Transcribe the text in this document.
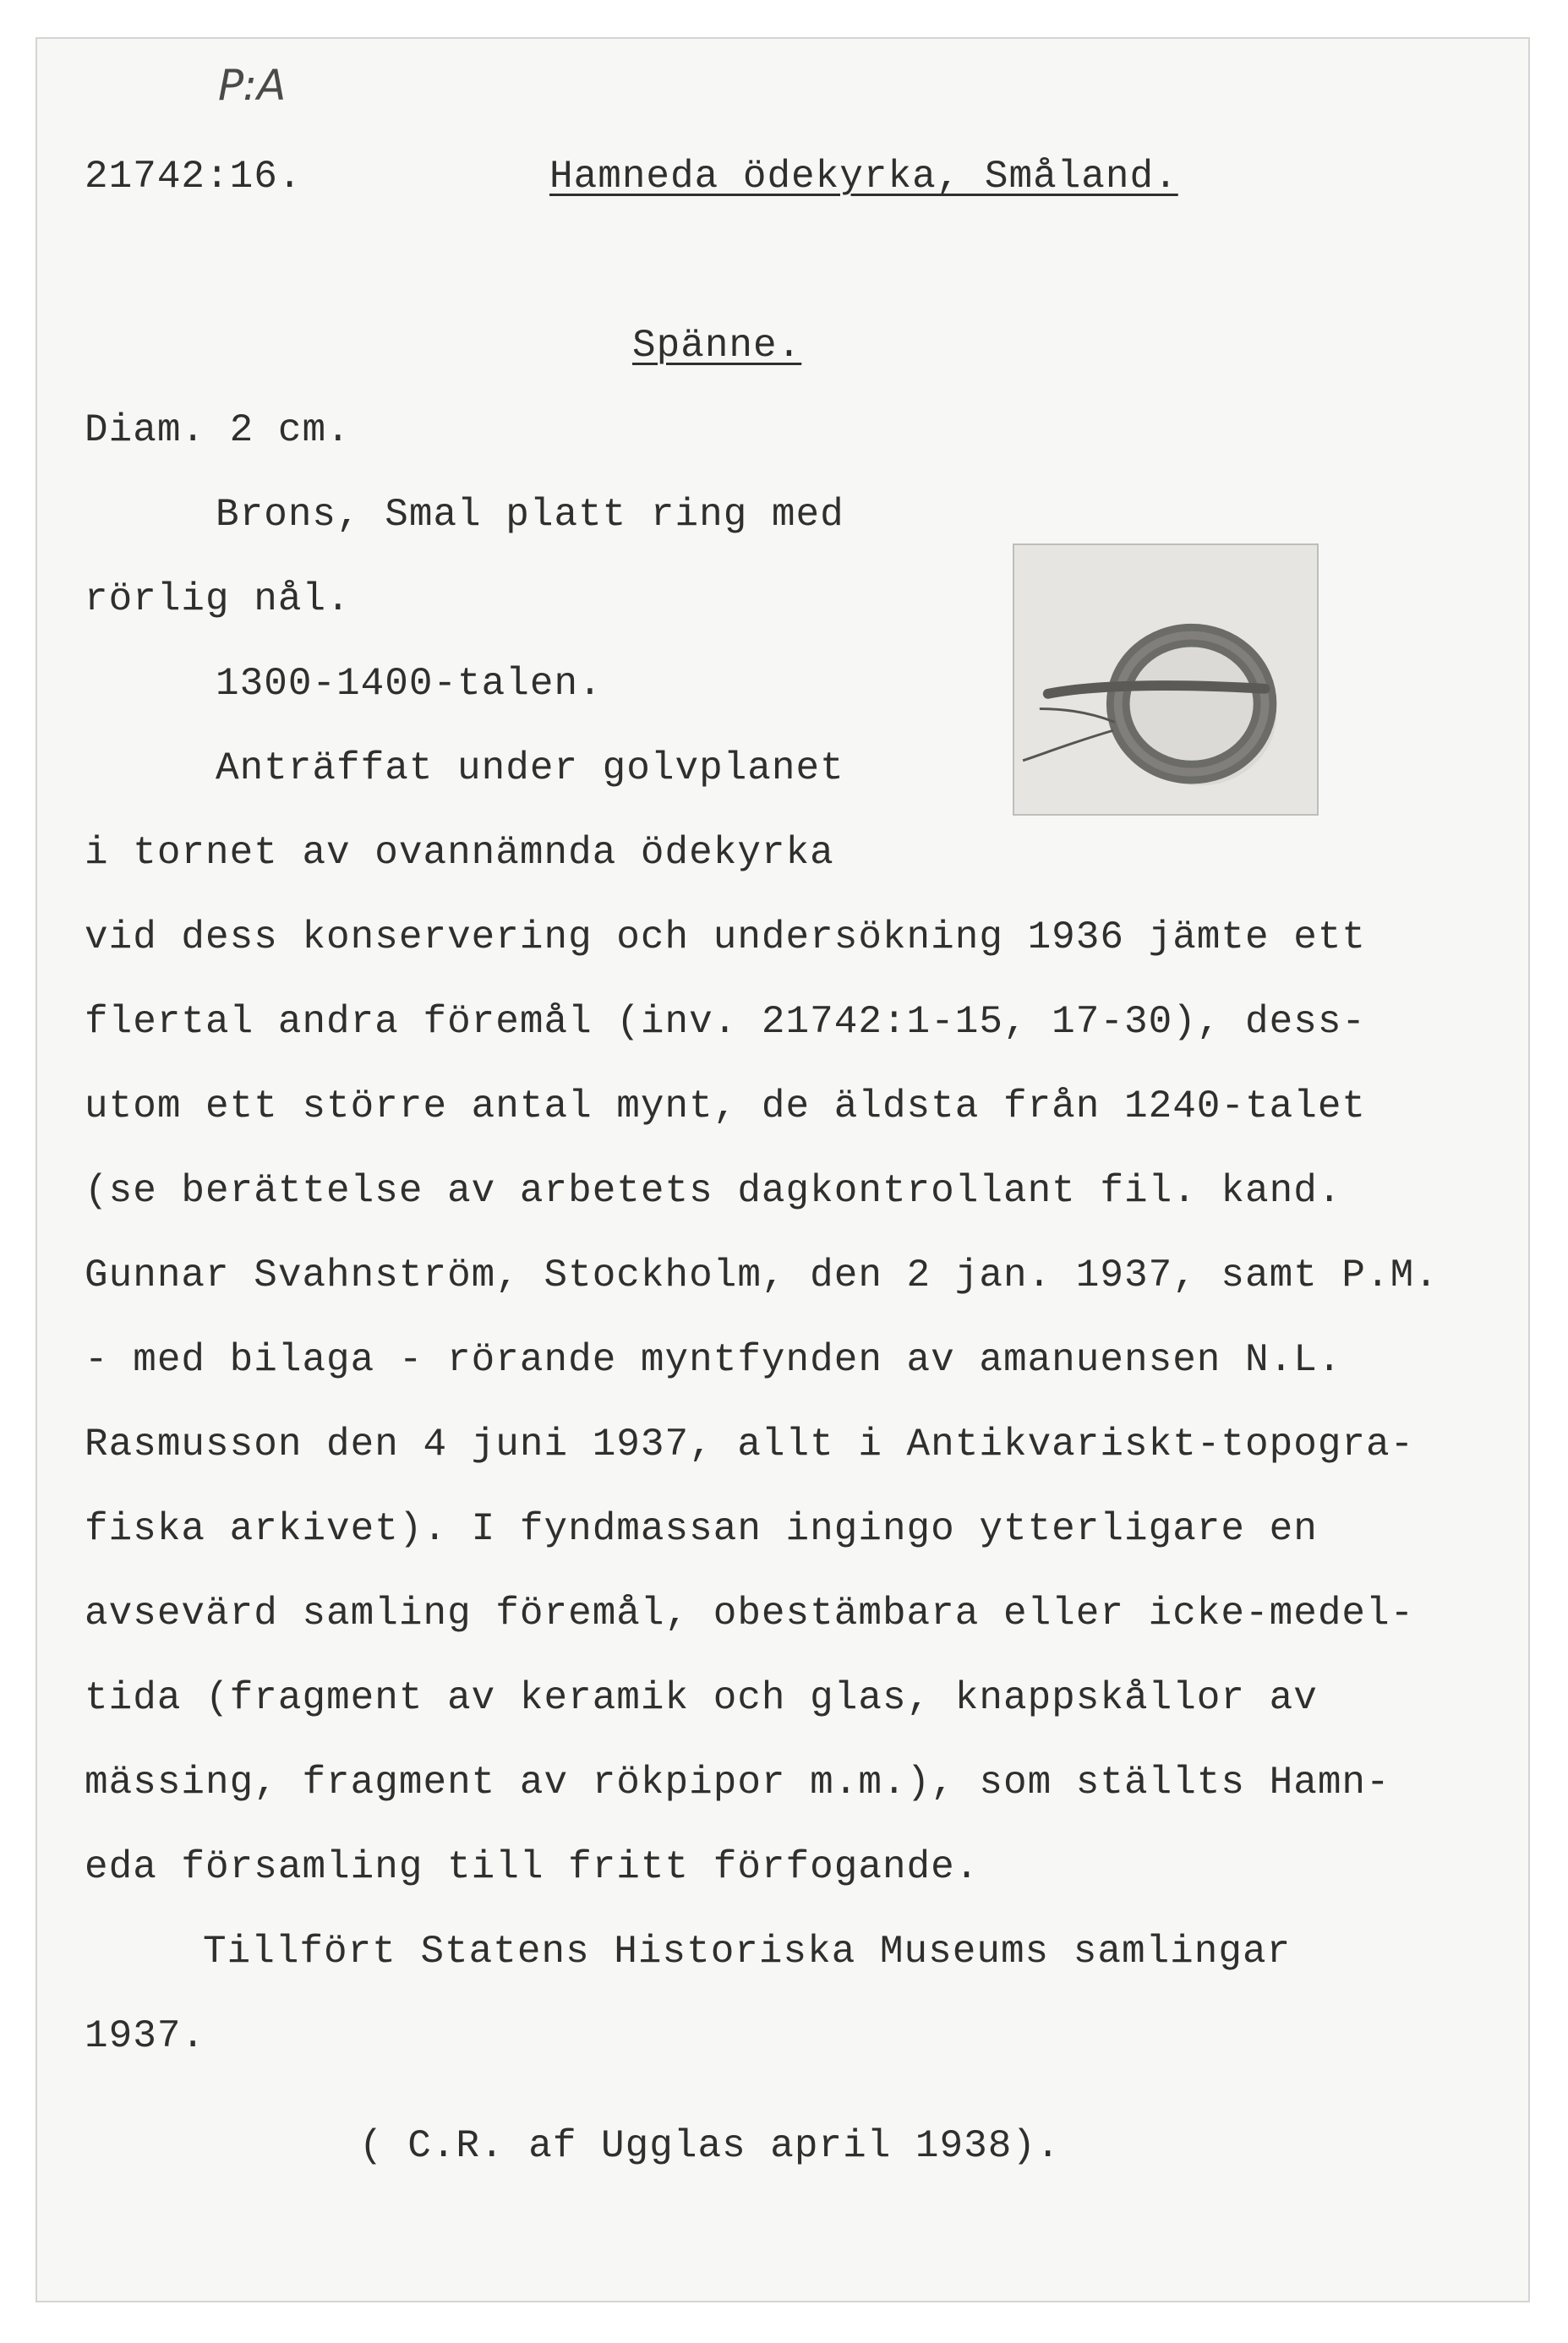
P:A
21742:16.	Hamneda ödekyrka, Småland.
Spänne.
Diam. 2 cm.
Brons, Smal platt ring med
rörlig nål.
1300-1400-talen.
Anträffat under golvplanet
i tornet av ovannämnda ödekyrka
vid dess konservering och undersökning 1936 jämte ett
flertal andra föremål (inv. 21742:1-15, 17-30), dess-
utom ett större antal mynt, de äldsta från 1240-talet
(se berättelse av arbetets dagkontrollant fil. kand.
Gunnar Svahnström, Stockholm, den 2 jan. 1937, samt P.M.
- med bilaga - rörande myntfynden av amanuensen N.L.
Rasmusson den 4 juni 1937, allt i Antikvariskt-topogra-
fiska arkivet). I fyndmassan ingingo ytterligare en
avsevärd samling föremål, obestämbara eller icke-medel-
tida (fragment av keramik och glas, knappskållor av
mässing, fragment av rökpipor m.m.), som ställts Hamn-
eda församling till fritt förfogande.
Tillfört Statens Historiska Museums samlingar
1937.
( C.R. af Ugglas april 1938).
